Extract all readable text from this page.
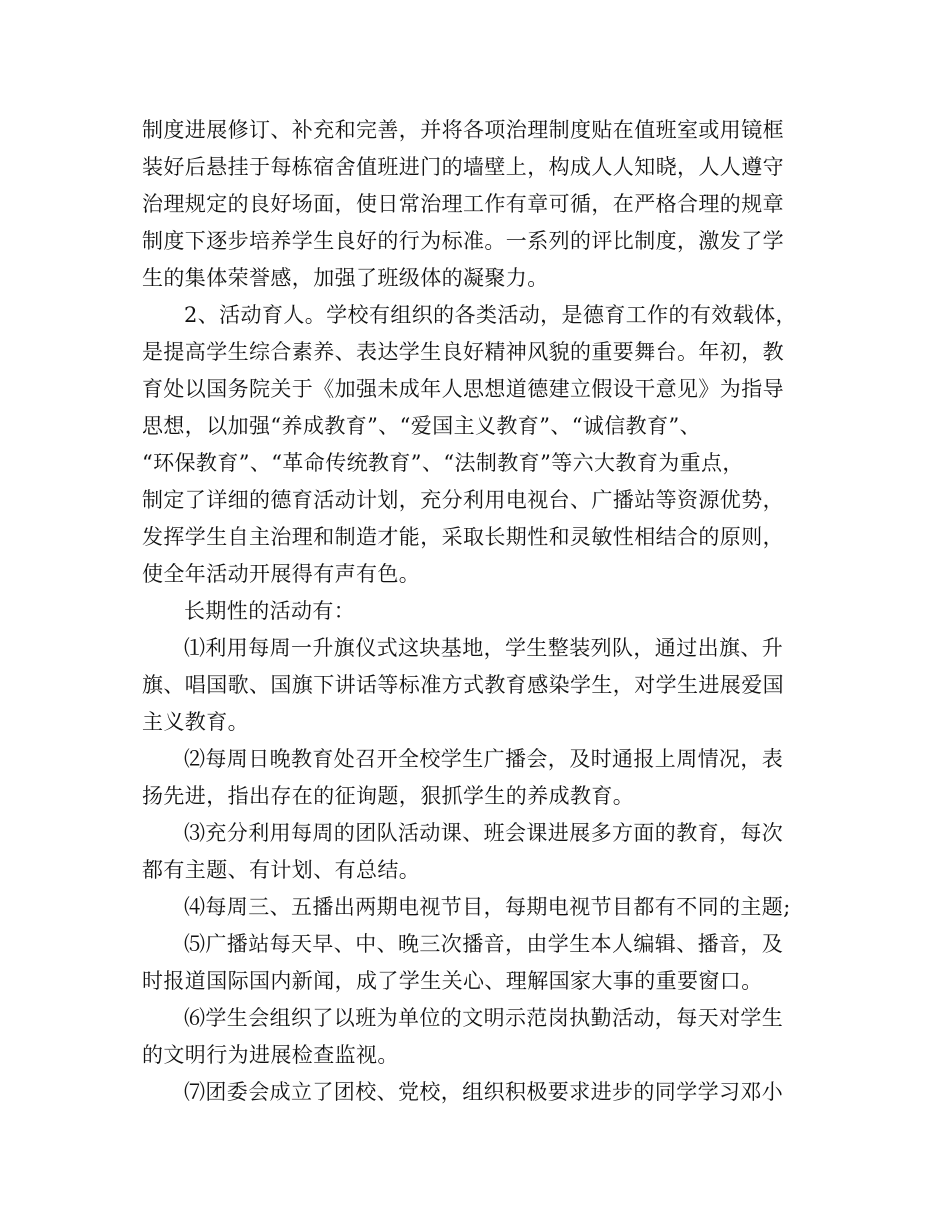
制度进展修订、补充和完善，并将各项治理制度贴在值班室或用镜框
装好后悬挂于每栋宿舍值班进门的墙壁上，构成人人知晓，人人遵守
治理规定的良好场面，使日常治理工作有章可循，在严格合理的规章
制度下逐步培养学生良好的行为标准。一系列的评比制度，激发了学
生的集体荣誉感，加强了班级体的凝聚力。
2、活动育人。学校有组织的各类活动，是德育工作的有效载体，
是提高学生综合素养、表达学生良好精神风貌的重要舞台。年初，教
育处以国务院关于《加强未成年人思想道德建立假设干意见》为指导
思想，以加强“养成教育”、“爱国主义教育”、“诚信教育”、
“环保教育”、“革命传统教育”、“法制教育”等六大教育为重点，
制定了详细的德育活动计划，充分利用电视台、广播站等资源优势，
发挥学生自主治理和制造才能，采取长期性和灵敏性相结合的原则，
使全年活动开展得有声有色。
长期性的活动有：
⑴利用每周一升旗仪式这块基地，学生整装列队，通过出旗、升
旗、唱国歌、国旗下讲话等标准方式教育感染学生，对学生进展爱国
主义教育。
⑵每周日晚教育处召开全校学生广播会，及时通报上周情况，表
扬先进，指出存在的征询题，狠抓学生的养成教育。
⑶充分利用每周的团队活动课、班会课进展多方面的教育，每次
都有主题、有计划、有总结。
⑷每周三、五播出两期电视节目，每期电视节目都有不同的主题;
⑸广播站每天早、中、晚三次播音，由学生本人编辑、播音，及
时报道国际国内新闻，成了学生关心、理解国家大事的重要窗口。
⑹学生会组织了以班为单位的文明示范岗执勤活动，每天对学生
的文明行为进展检查监视。
⑺团委会成立了团校、党校，组织积极要求进步的同学学习邓小
